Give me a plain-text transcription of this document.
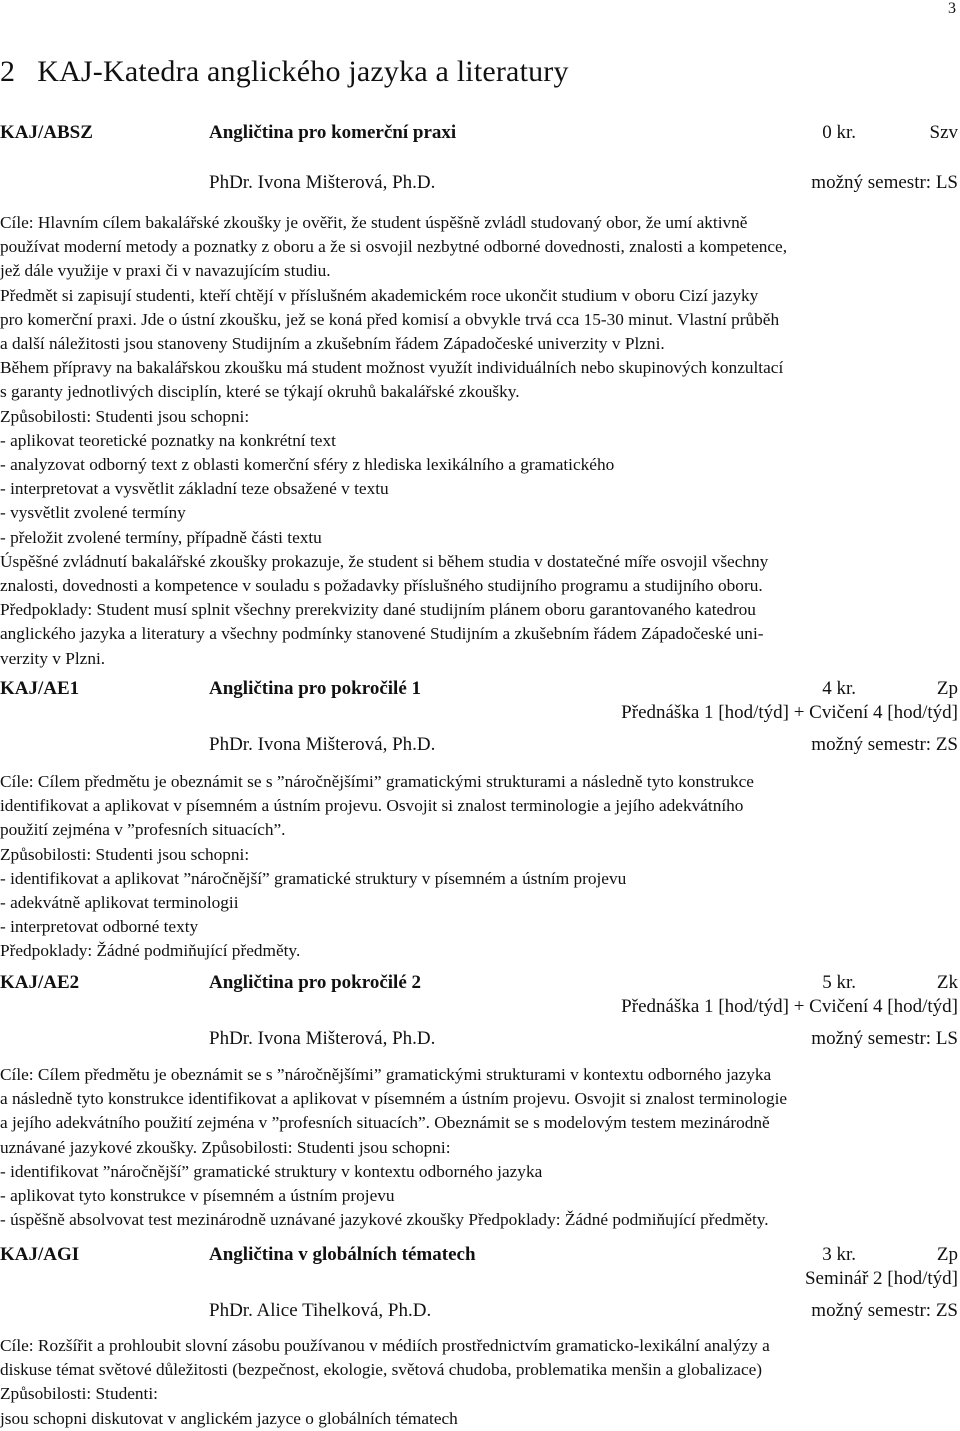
3
2 KAJ-Katedra anglického jazyka a literatury
KAJ/ABSZ	Angličtina pro komerční praxi	0 kr.	Szv
PhDr. Ivona Mišterová, Ph.D.	možný semestr: LS
Cíle: Hlavním cílem bakalářské zkoušky je ověřit, že student úspěšně zvládl studovaný obor, že umí aktivně
používat moderní metody a poznatky z oboru a že si osvojil nezbytné odborné dovednosti, znalosti a kompetence,
jež dále využije v praxi či v navazujícím studiu.
Předmět si zapisují studenti, kteří chtějí v příslušném akademickém roce ukončit studium v oboru Cizí jazyky
pro komerční praxi. Jde o ústní zkoušku, jež se koná před komisí a obvykle trvá cca 15-30 minut. Vlastní průběh
a další náležitosti jsou stanoveny Studijním a zkušebním řádem Západočeské univerzity v Plzni.
Během přípravy na bakalářskou zkoušku má student možnost využít individuálních nebo skupinových konzultací
s garanty jednotlivých disciplín, které se týkají okruhů bakalářské zkoušky.
Způsobilosti: Studenti jsou schopni:
- aplikovat teoretické poznatky na konkrétní text
- analyzovat odborný text z oblasti komerční sféry z hlediska lexikálního a gramatického
- interpretovat a vysvětlit základní teze obsažené v textu
- vysvětlit zvolené termíny
- přeložit zvolené termíny, případně části textu
Úspěšné zvládnutí bakalářské zkoušky prokazuje, že student si během studia v dostatečné míře osvojil všechny
znalosti, dovednosti a kompetence v souladu s požadavky příslušného studijního programu a studijního oboru.
Předpoklady: Student musí splnit všechny prerekvizity dané studijním plánem oboru garantovaného katedrou
anglického jazyka a literatury a všechny podmínky stanovené Studijním a zkušebním řádem Západočeské uni-
verzity v Plzni.
KAJ/AE1	Angličtina pro pokročilé 1	4 kr.	Zp
Přednáška 1 [hod/týd] + Cvičení 4 [hod/týd]
PhDr. Ivona Mišterová, Ph.D.	možný semestr: ZS
Cíle: Cílem předmětu je obeznámit se s ”náročnějšími” gramatickými strukturami a následně tyto konstrukce
identifikovat a aplikovat v písemném a ústním projevu. Osvojit si znalost terminologie a jejího adekvátního
použití zejména v ”profesních situacích”.
Způsobilosti: Studenti jsou schopni:
- identifikovat a aplikovat ”náročnější” gramatické struktury v písemném a ústním projevu
- adekvátně aplikovat terminologii
- interpretovat odborné texty
Předpoklady: Žádné podmiňující předměty.
KAJ/AE2	Angličtina pro pokročilé 2	5 kr.	Zk
Přednáška 1 [hod/týd] + Cvičení 4 [hod/týd]
PhDr. Ivona Mišterová, Ph.D.	možný semestr: LS
Cíle: Cílem předmětu je obeznámit se s ”náročnějšími” gramatickými strukturami v kontextu odborného jazyka
a následně tyto konstrukce identifikovat a aplikovat v písemném a ústním projevu. Osvojit si znalost terminologie
a jejího adekvátního použití zejména v ”profesních situacích”. Obeznámit se s modelovým testem mezinárodně
uznávané jazykové zkoušky. Způsobilosti: Studenti jsou schopni:
- identifikovat ”náročnější” gramatické struktury v kontextu odborného jazyka
- aplikovat tyto konstrukce v písemném a ústním projevu
- úspěšně absolvovat test mezinárodně uznávané jazykové zkoušky Předpoklady: Žádné podmiňující předměty.
KAJ/AGI	Angličtina v globálních tématech	3 kr.	Zp
Seminář 2 [hod/týd]
PhDr. Alice Tihelková, Ph.D.	možný semestr: ZS
Cíle: Rozšířit a prohloubit slovní zásobu používanou v médiích prostřednictvím gramaticko-lexikální analýzy a
diskuse témat světové důležitosti (bezpečnost, ekologie, světová chudoba, problematika menšin a globalizace)
Způsobilosti: Studenti:
jsou schopni diskutovat v anglickém jazyce o globálních tématech
